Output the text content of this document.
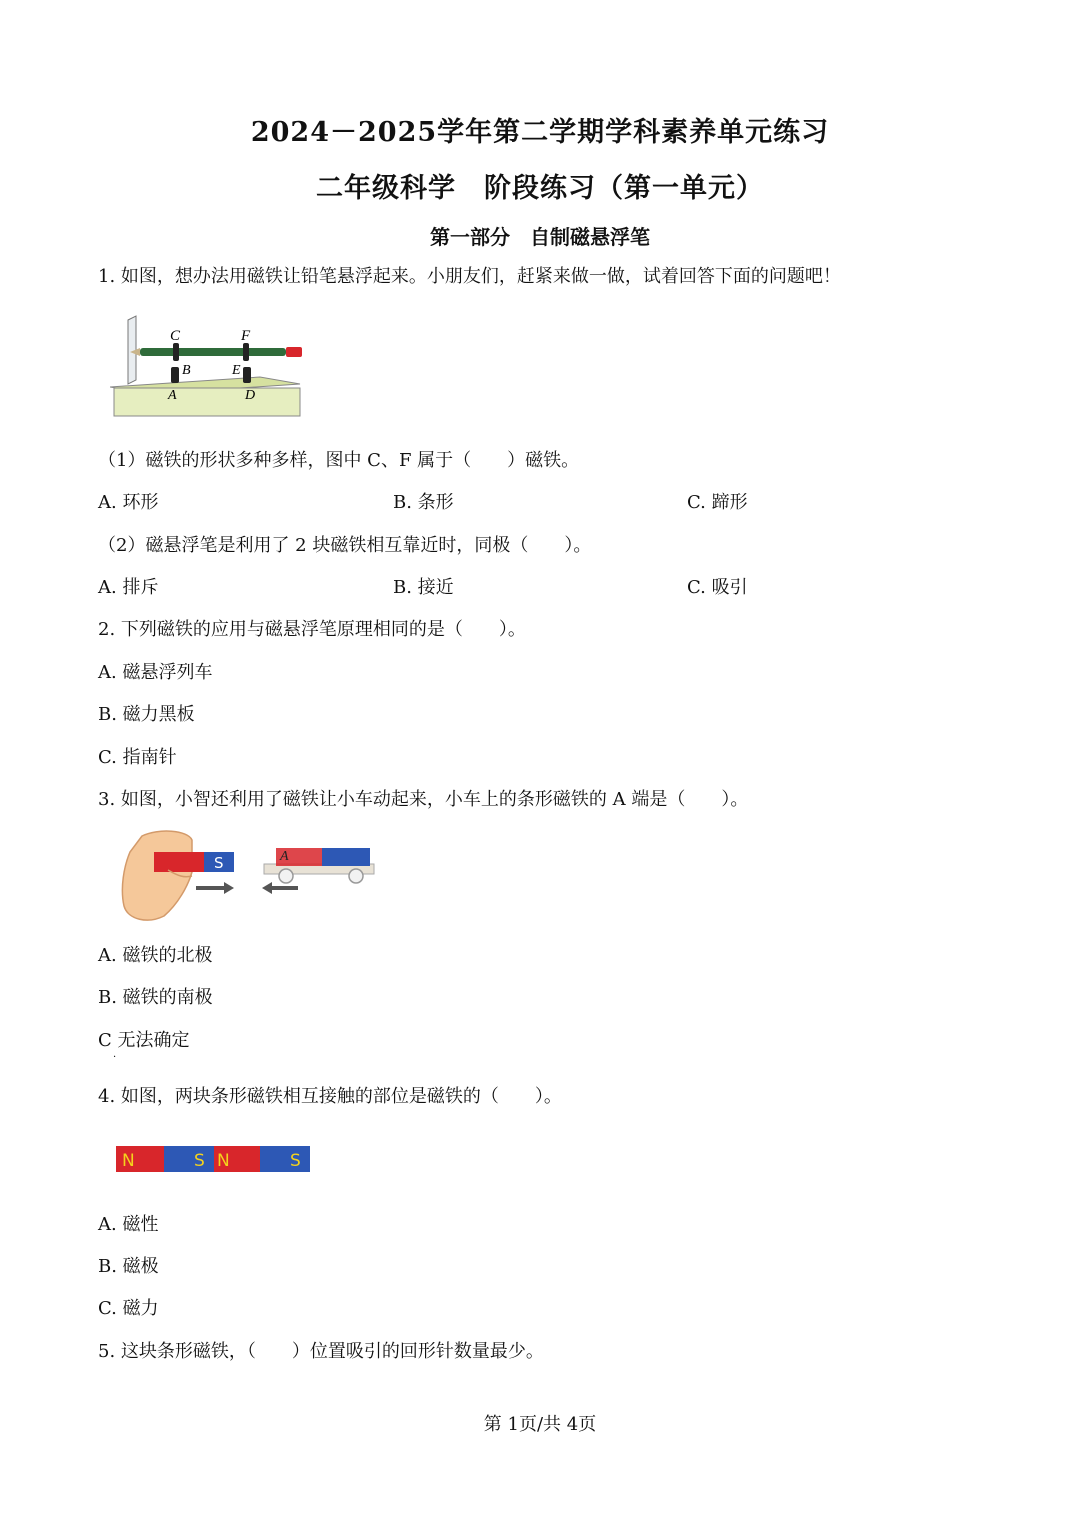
2024－2025学年第二学期学科素养单元练习
二年级科学　阶段练习（第一单元）
第一部分　自制磁悬浮笔
1. 如图，想办法用磁铁让铅笔悬浮起来。小朋友们，赶紧来做一做，试着回答下面的问题吧！
C	F
B	E
A	D
（1）磁铁的形状多种多样，图中 C、F 属于（　　）磁铁。
A. 环形	B. 条形	C. 蹄形
（2）磁悬浮笔是利用了 2 块磁铁相互靠近时，同极（　　）。
A. 排斥	B. 接近	C. 吸引
2. 下列磁铁的应用与磁悬浮笔原理相同的是（　　）。
A. 磁悬浮列车
B. 磁力黑板
C. 指南针
3. 如图，小智还利用了磁铁让小车动起来，小车上的条形磁铁的 A 端是（　　）。
S	A
A. 磁铁的北极
B. 磁铁的南极
C 无法确定
·
4. 如图，两块条形磁铁相互接触的部位是磁铁的（　　）。
N	S N	S
A. 磁性
B. 磁极
C. 磁力
5. 这块条形磁铁，（　　）位置吸引的回形针数量最少。
第 1页/共 4页
